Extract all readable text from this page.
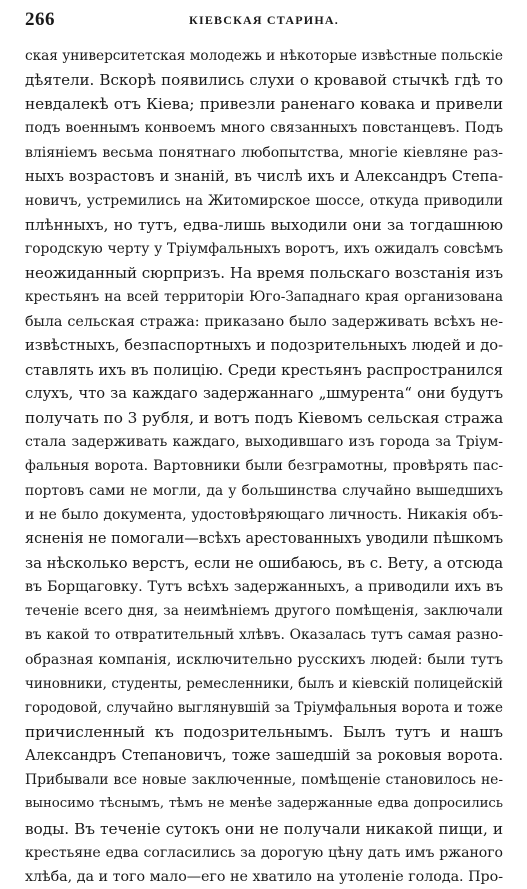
266	КІЕВСКАЯ СТАРИНА.
ская университетская молодежь и нѣкоторые извѣстные польскіе
дѣятели. Вскорѣ появились слухи о кровавой стычкѣ гдѣ то
невдалекѣ отъ Кіева; привезли раненаго ковака и привели
подъ военнымъ конвоемъ много связанныхъ повстанцевъ. Подъ
вліяніемъ весьма понятнаго любопытства, многіе кіевляне раз-
ныхъ возрастовъ и знаній, въ числѣ ихъ и Александръ Степа-
новичъ, устремились на Житомирское шоссе, откуда приводили
плѣнныхъ, но тутъ, едва-лишь выходили они за тогдашнюю
городскую черту у Тріумфальныхъ воротъ, ихъ ожидалъ совсѣмъ
неожиданный сюрпризъ. На время польскаго возстанія изъ
крестьянъ на всей территоріи Юго-Западнаго края организована
была сельская стража: приказано было задерживать всѣхъ не-
извѣстныхъ, безпаспортныхъ и подозрительныхъ людей и до-
ставлять ихъ въ полицію. Среди крестьянъ распространился
слухъ, что за каждаго задержаннаго „шмурента“ они будутъ
получать по 3 рубля, и вотъ подъ Кіевомъ сельская стража
стала задерживать каждаго, выходившаго изъ города за Тріум-
фальныя ворота. Вартовники были безграмотны, провѣрять пас-
портовъ сами не могли, да у большинства случайно вышедшихъ
и не было документа, удостовѣряющаго личность. Никакія объ-
ясненія не помогали—всѣхъ арестованныхъ уводили пѣшкомъ
за нѣсколько верстъ, если не ошибаюсь, въ с. Вету, а отсюда
въ Борщаговку. Тутъ всѣхъ задержанныхъ, а приводили ихъ въ
теченіе всего дня, за неимѣніемъ другого помѣщенія, заключали
въ какой то отвратительный хлѣвъ. Оказалась тутъ самая разно-
образная компанія, исключительно русскихъ людей: были тутъ
чиновники, студенты, ремесленники, былъ и кіевскій полицейскій
городовой, случайно выглянувшій за Тріумфальныя ворота и тоже
причисленный къ подозрительнымъ. Былъ тутъ и нашъ
Александръ Степановичъ, тоже зашедшій за роковыя ворота.
Прибывали все новые заключенные, помѣщеніе становилось не-
выносимо тѣснымъ, тѣмъ не менѣе задержанные едва допросились
воды. Въ теченіе сутокъ они не получали никакой пищи, и
крестьяне едва согласились за дорогую цѣну дать имъ ржаного
хлѣба, да и того мало—его не хватило на утоленіе голода. Про-
